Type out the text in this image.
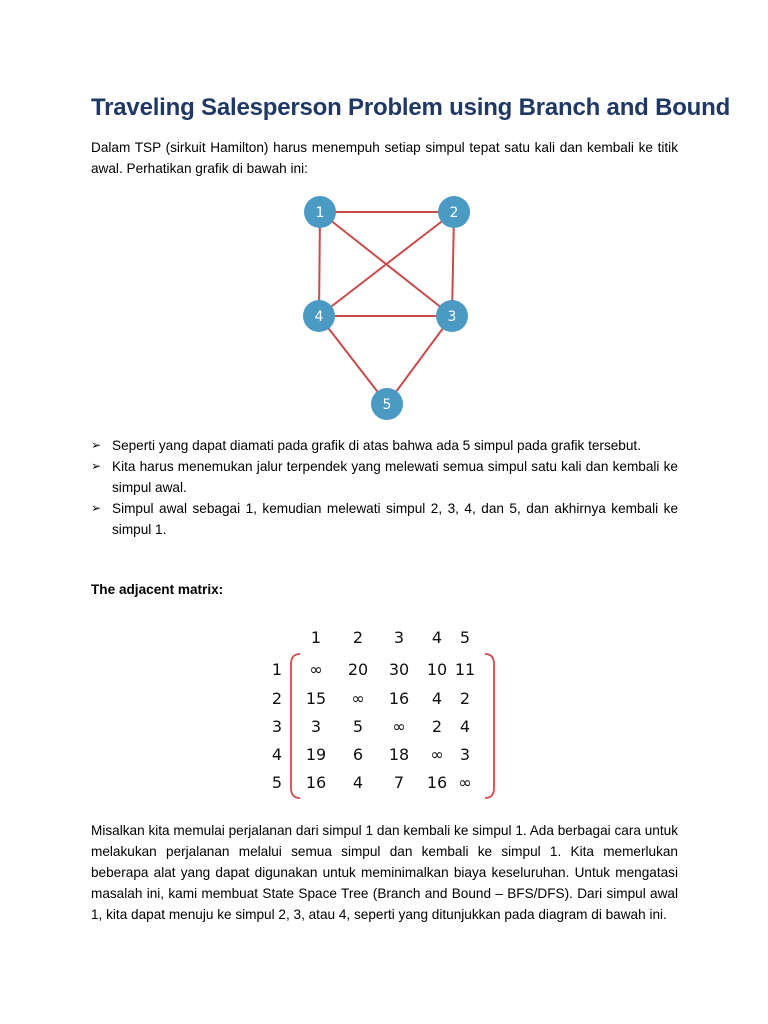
Traveling Salesperson Problem using Branch and Bound

Dalam TSP (sirkuit Hamilton) harus menempuh setiap simpul tepat satu kali dan kembali ke titik awal. Perhatikan grafik di bawah ini:

1	2
3
4
5
➢ Seperti yang dapat diamati pada grafik di atas bahwa ada 5 simpul pada grafik tersebut.
➢ Kita harus menemukan jalur terpendek yang melewati semua simpul satu kali dan kembali ke simpul awal.
➢ Simpul awal sebagai 1, kemudian melewati simpul 2, 3, 4, dan 5, dan akhirnya kembali ke simpul 1.

The adjacent matrix:

1 2 3 4 5
1
2
3
4
5
∞ 20 30 10 11
15 ∞ 16 4 2
3 5 ∞ 2 4
19 6 18 ∞ 3
16 4 7 16 ∞

Misalkan kita memulai perjalanan dari simpul 1 dan kembali ke simpul 1. Ada berbagai cara untuk melakukan perjalanan melalui semua simpul dan kembali ke simpul 1. Kita memerlukan beberapa alat yang dapat digunakan untuk meminimalkan biaya keseluruhan. Untuk mengatasi masalah ini, kami membuat State Space Tree (Branch and Bound – BFS/DFS). Dari simpul awal 1, kita dapat menuju ke simpul 2, 3, atau 4, seperti yang ditunjukkan pada diagram di bawah ini.
